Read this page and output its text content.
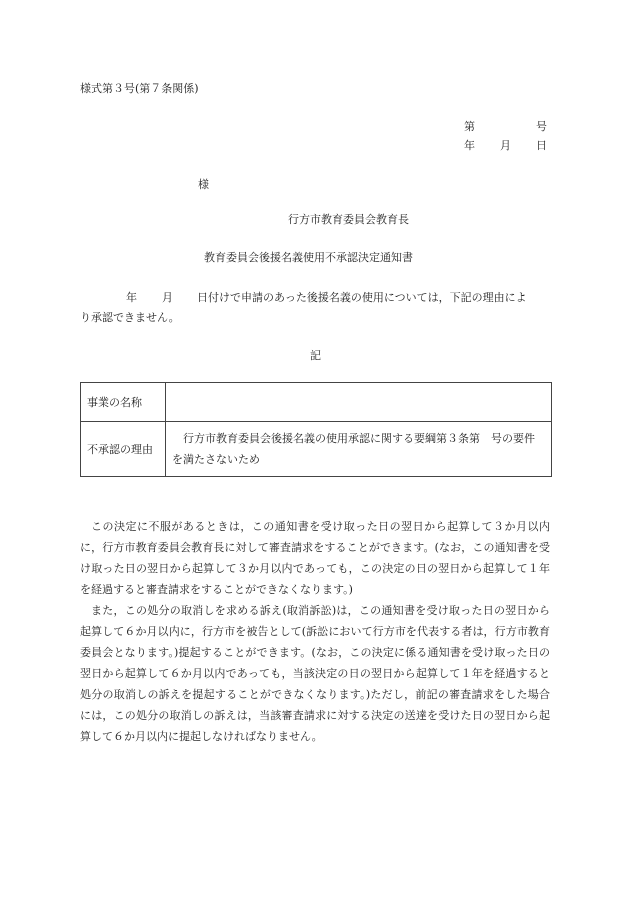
様式第３号(第７条関係)
第	号
年 月 日
様
行方市教育委員会教育長
教育委員会後援名義使用不承認決定通知書
年 月 日付けで申請のあった後援名義の使用については，下記の理由によ
り承認できません。
記
事業の名称	
不承認の理由	行方市教育委員会後援名義の使用承認に関する要綱第３条第　号の要件を満たさないため

この決定に不服があるときは，この通知書を受け取った日の翌日から起算して３か月以内に，行方市教育委員会教育長に対して審査請求をすることができます。(なお，この通知書を受け取った日の翌日から起算して３か月以内であっても，この決定の日の翌日から起算して１年を経過すると審査請求をすることができなくなります。)

また，この処分の取消しを求める訴え(取消訴訟)は，この通知書を受け取った日の翌日から起算して６か月以内に，行方市を被告として(訴訟において行方市を代表する者は，行方市教育委員会となります。)提起することができます。(なお，この決定に係る通知書を受け取った日の翌日から起算して６か月以内であっても，当該決定の日の翌日から起算して１年を経過すると処分の取消しの訴えを提起することができなくなります。)ただし，前記の審査請求をした場合には，この処分の取消しの訴えは，当該審査請求に対する決定の送達を受けた日の翌日から起算して６か月以内に提起しなければなりません。
